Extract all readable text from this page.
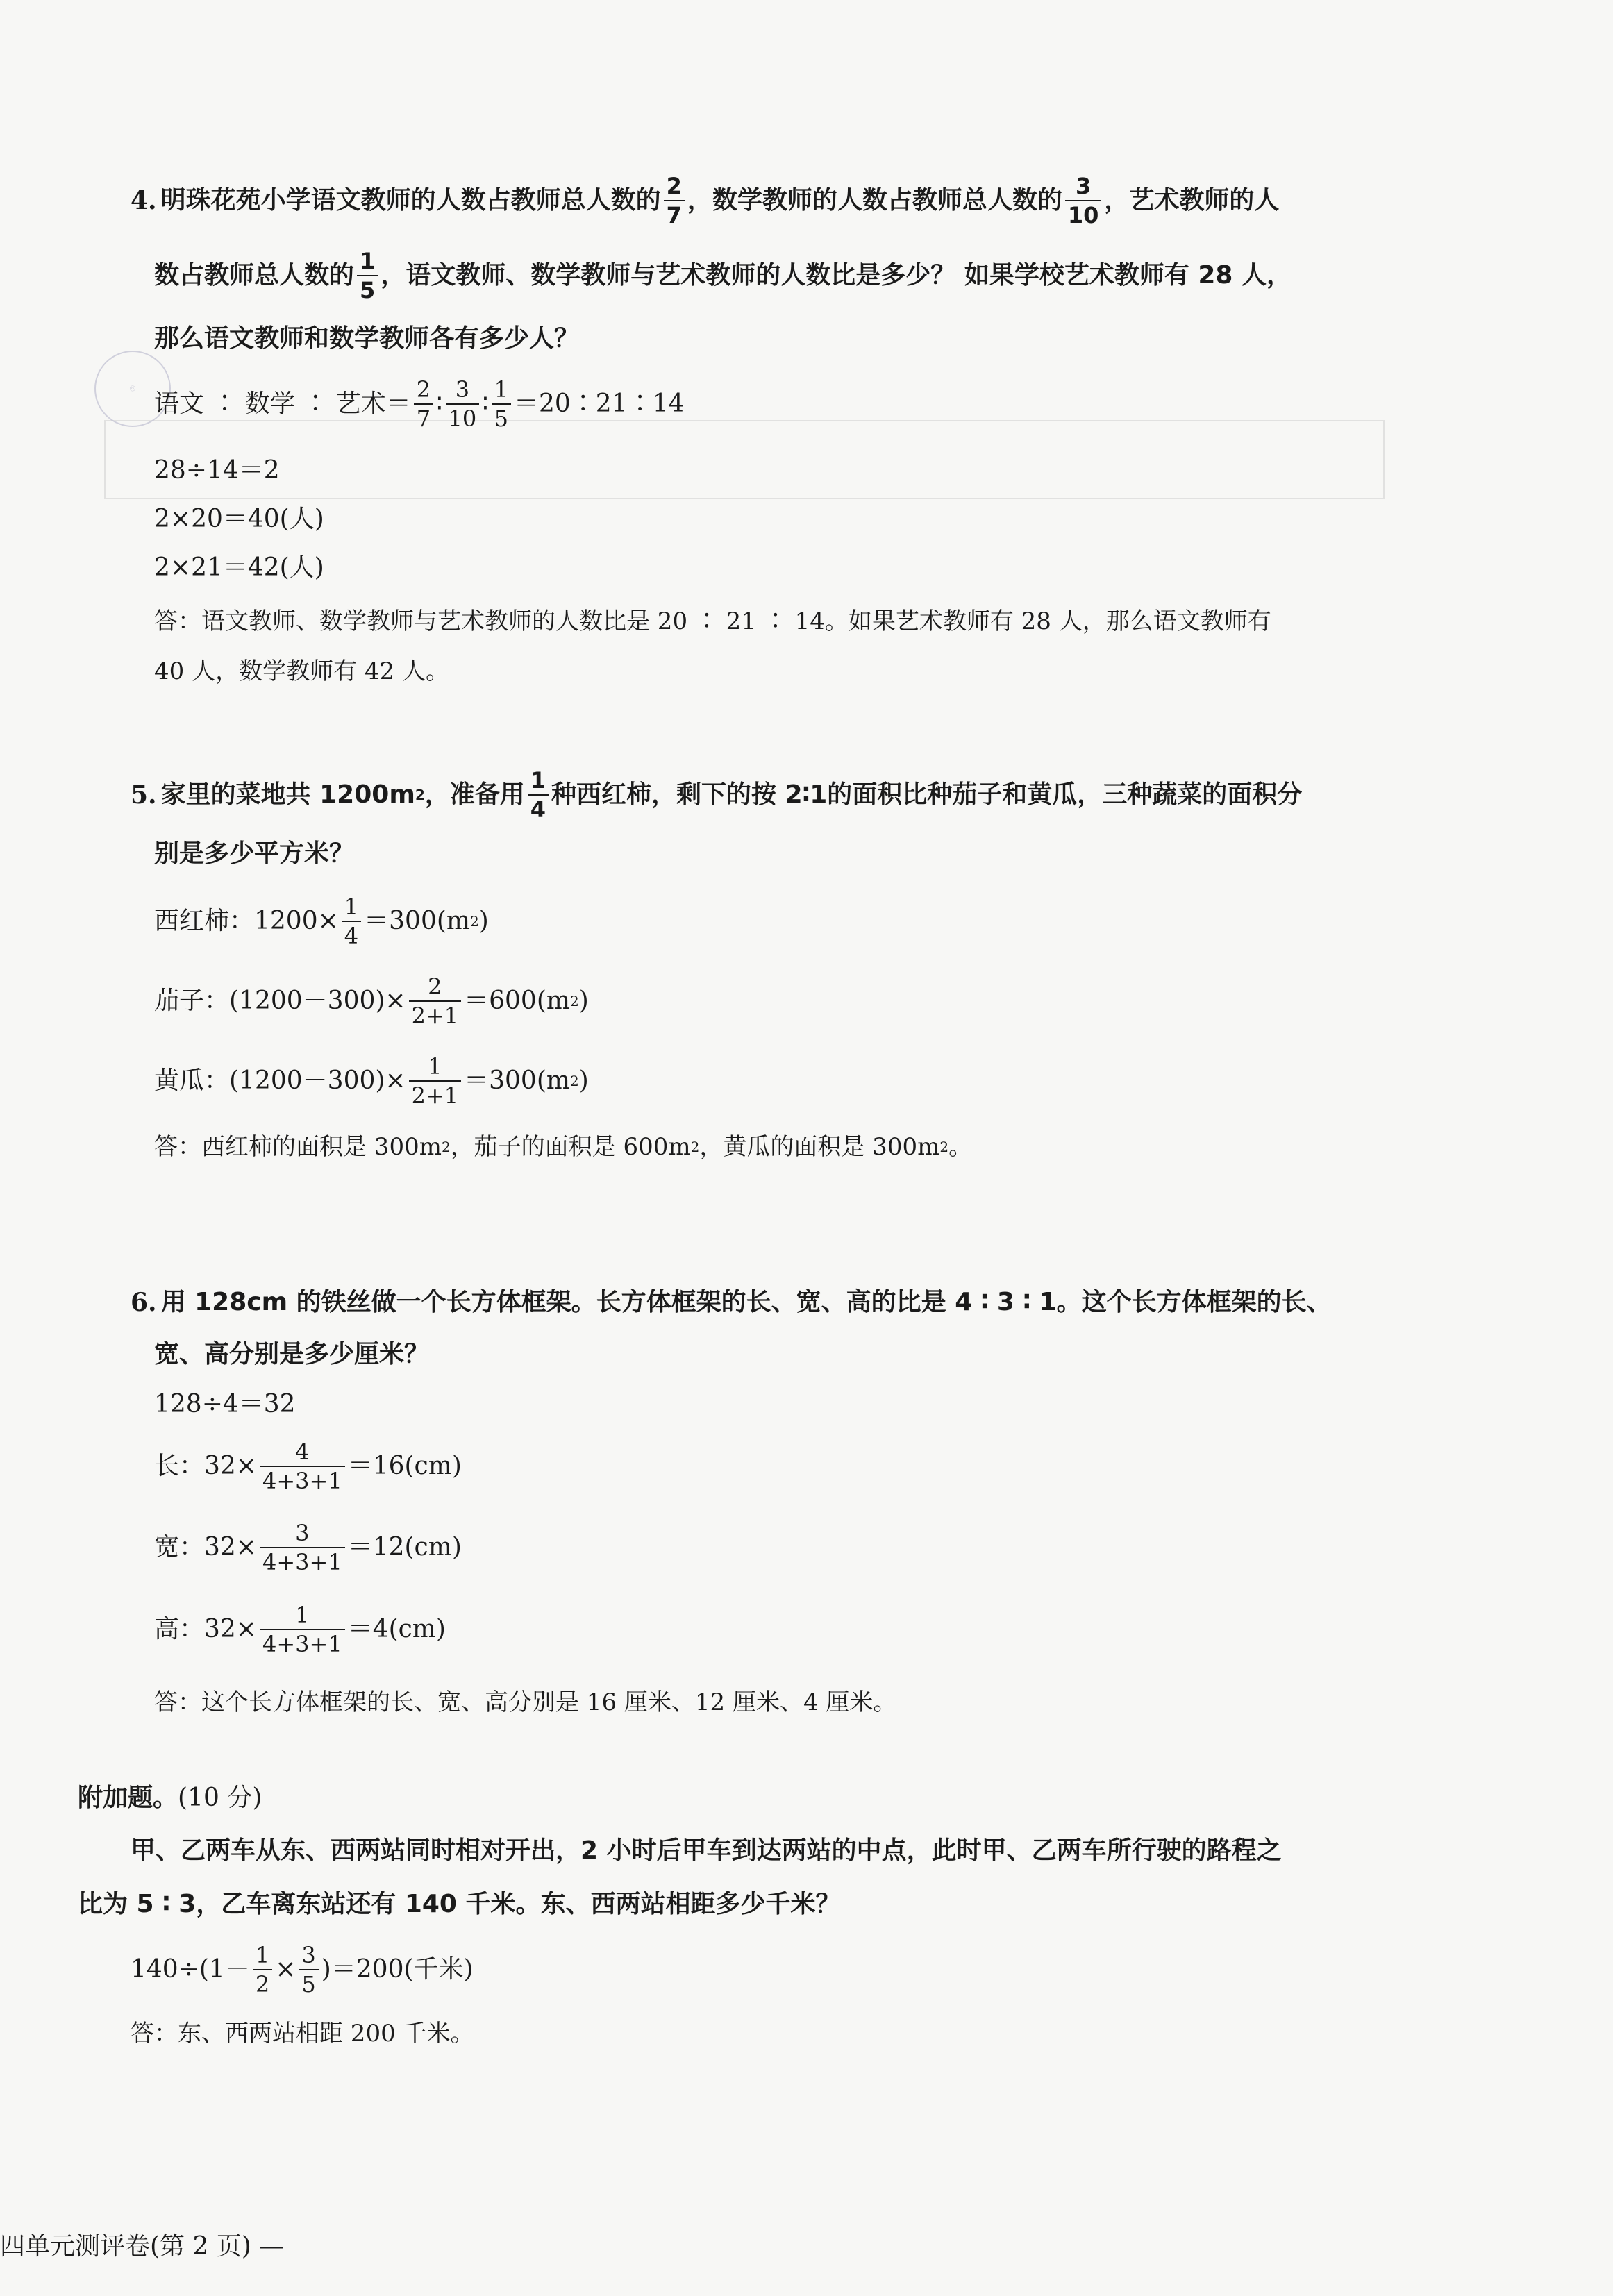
⌾
4. 明珠花苑小学语文教师的人数占教师总人数的 $\frac{2}{7}$ ，数学教师的人数占教师总人数的 $\frac{3}{10}$ ，艺术教师的人
数占教师总人数的 $\frac{1}{5}$ ，语文教师、数学教师与艺术教师的人数比是多少？ 如果学校艺术教师有 28 人，
那么语文教师和数学教师各有多少人？
语文 ∶ 数学 ∶ 艺术＝ $\frac{2}{7}$ ∶ $\frac{3}{10}$ ∶ $\frac{1}{5}$ ＝20∶21∶14
28÷14＝2
2×20＝40(人)
2×21＝42(人)
答：语文教师、数学教师与艺术教师的人数比是 20 ∶ 21 ∶ 14。如果艺术教师有 28 人，那么语文教师有
40 人，数学教师有 42 人。
5. 家里的菜地共 1200m 2 ，准备用 $\frac{1}{4}$ 种西红柿，剩下的按 2∶1的面积比种茄子和黄瓜，三种蔬菜的面积分
别是多少平方米？
西红柿：$1200\times \frac{1}{4} =300(m$ 2 )
茄子：$(1200-300)\times \frac{2}{2+1} =600(m$ 2 )
黄瓜：$(1200-300)\times \frac{1}{2+1} =300(m$ 2 )
答：西红柿的面积是 300m 2 ，茄子的面积是 600m 2 ，黄瓜的面积是 300m 2 。
6. 用 128cm 的铁丝做一个长方体框架。长方体框架的长、宽、高的比是 4 ∶ 3 ∶ 1。这个长方体框架的长、
宽、高分别是多少厘米？
128÷4＝32
长：$32\times \frac{4}{4+3+1} =16(cm)$
宽：$32\times \frac{3}{4+3+1} =12(cm)$
高：$32\times \frac{1}{4+3+1} =4(cm)$
答：这个长方体框架的长、宽、高分别是 16 厘米、12 厘米、4 厘米。
附加题。 (10 分)
甲、乙两车从东、西两站同时相对开出，2 小时后甲车到达两站的中点，此时甲、乙两车所行驶的路程之
比为 5 ∶ 3，乙车离东站还有 140 千米。东、西两站相距多少千米？
$140\div(1- \frac{1}{2} \times \frac{3}{5} )=200$(千米)
答：东、西两站相距 200 千米。
四单元测评卷(第 2 页) —
